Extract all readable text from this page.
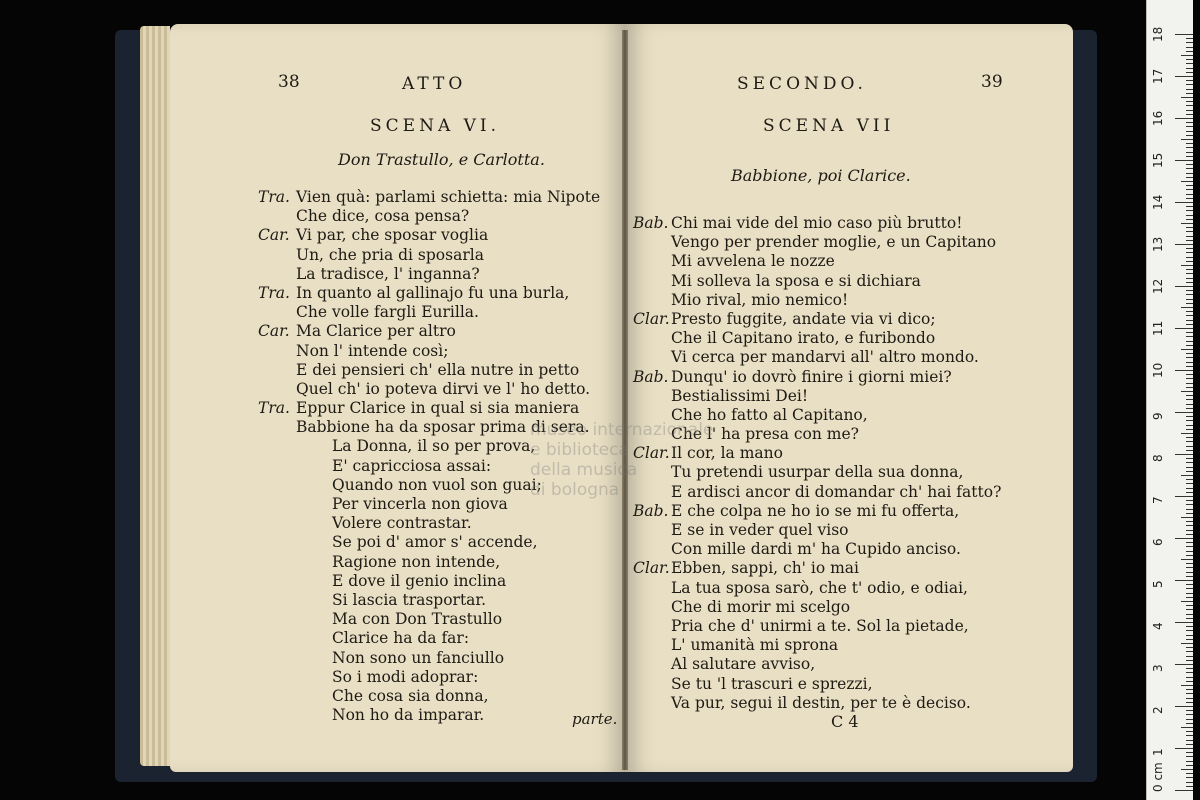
38	ATTO
SCENA VI.
Don Trastullo, e Carlotta.
Tra. Vien quà: parlami schietta: mia Nipote
Che dice, cosa pensa?
Car. Vi par, che sposar voglia
Un, che pria di sposarla
La tradisce, l' inganna?
Tra. In quanto al gallinajo fu una burla,
Che volle fargli Eurilla.
Car. Ma Clarice per altro
Non l' intende così;
E dei pensieri ch' ella nutre in petto
Quel ch' io poteva dirvi ve l' ho detto.
Tra. Eppur Clarice in qual si sia maniera
Babbione ha da sposar prima di sera.
La Donna, il so per prova,
E' capricciosa assai:
Quando non vuol son guai;
Per vincerla non giova
Volere contrastar.
Se poi d' amor s' accende,
Ragione non intende,
E dove il genio inclina
Si lascia trasportar.
Ma con Don Trastullo
Clarice ha da far:
Non sono un fanciullo
So i modi adoprar:
Che cosa sia donna,
Non ho da imparar.	parte.
SECONDO.	39
SCENA VII
Babbione, poi Clarice.
Bab. Chi mai vide del mio caso più brutto!
Vengo per prender moglie, e un Capitano
Mi avvelena le nozze
Mi solleva la sposa e si dichiara
Mio rival, mio nemico!
Clar.Presto fuggite, andate via vi dico;
Che il Capitano irato, e furibondo
Vi cerca per mandarvi all' altro mondo.
Bab. Dunqu' io dovrò finire i giorni miei?
Bestialissimi Dei!
Che ho fatto al Capitano,
Che l' ha presa con me?
Clar.Il cor, la mano
Tu pretendi usurpar della sua donna,
E ardisci ancor di domandar ch' hai fatto?
Bab. E che colpa ne ho io se mi fu offerta,
E se in veder quel viso
Con mille dardi m' ha Cupido anciso.
Clar.Ebben, sappi, ch' io mai
La tua sposa sarò, che t' odio, e odiai,
Che di morir mi scelgo
Pria che d' unirmi a te. Sol la pietade,
L' umanità mi sprona
Al salutare avviso,
Se tu 'l trascuri e sprezzi,
Va pur, segui il destin, per te è deciso.
C 4
museo internazionale
e biblioteca
della musica
di bologna
0 cm
1
2
3
4
5
6
7
8
9
10
11
12
13
14
15
16
17
18
